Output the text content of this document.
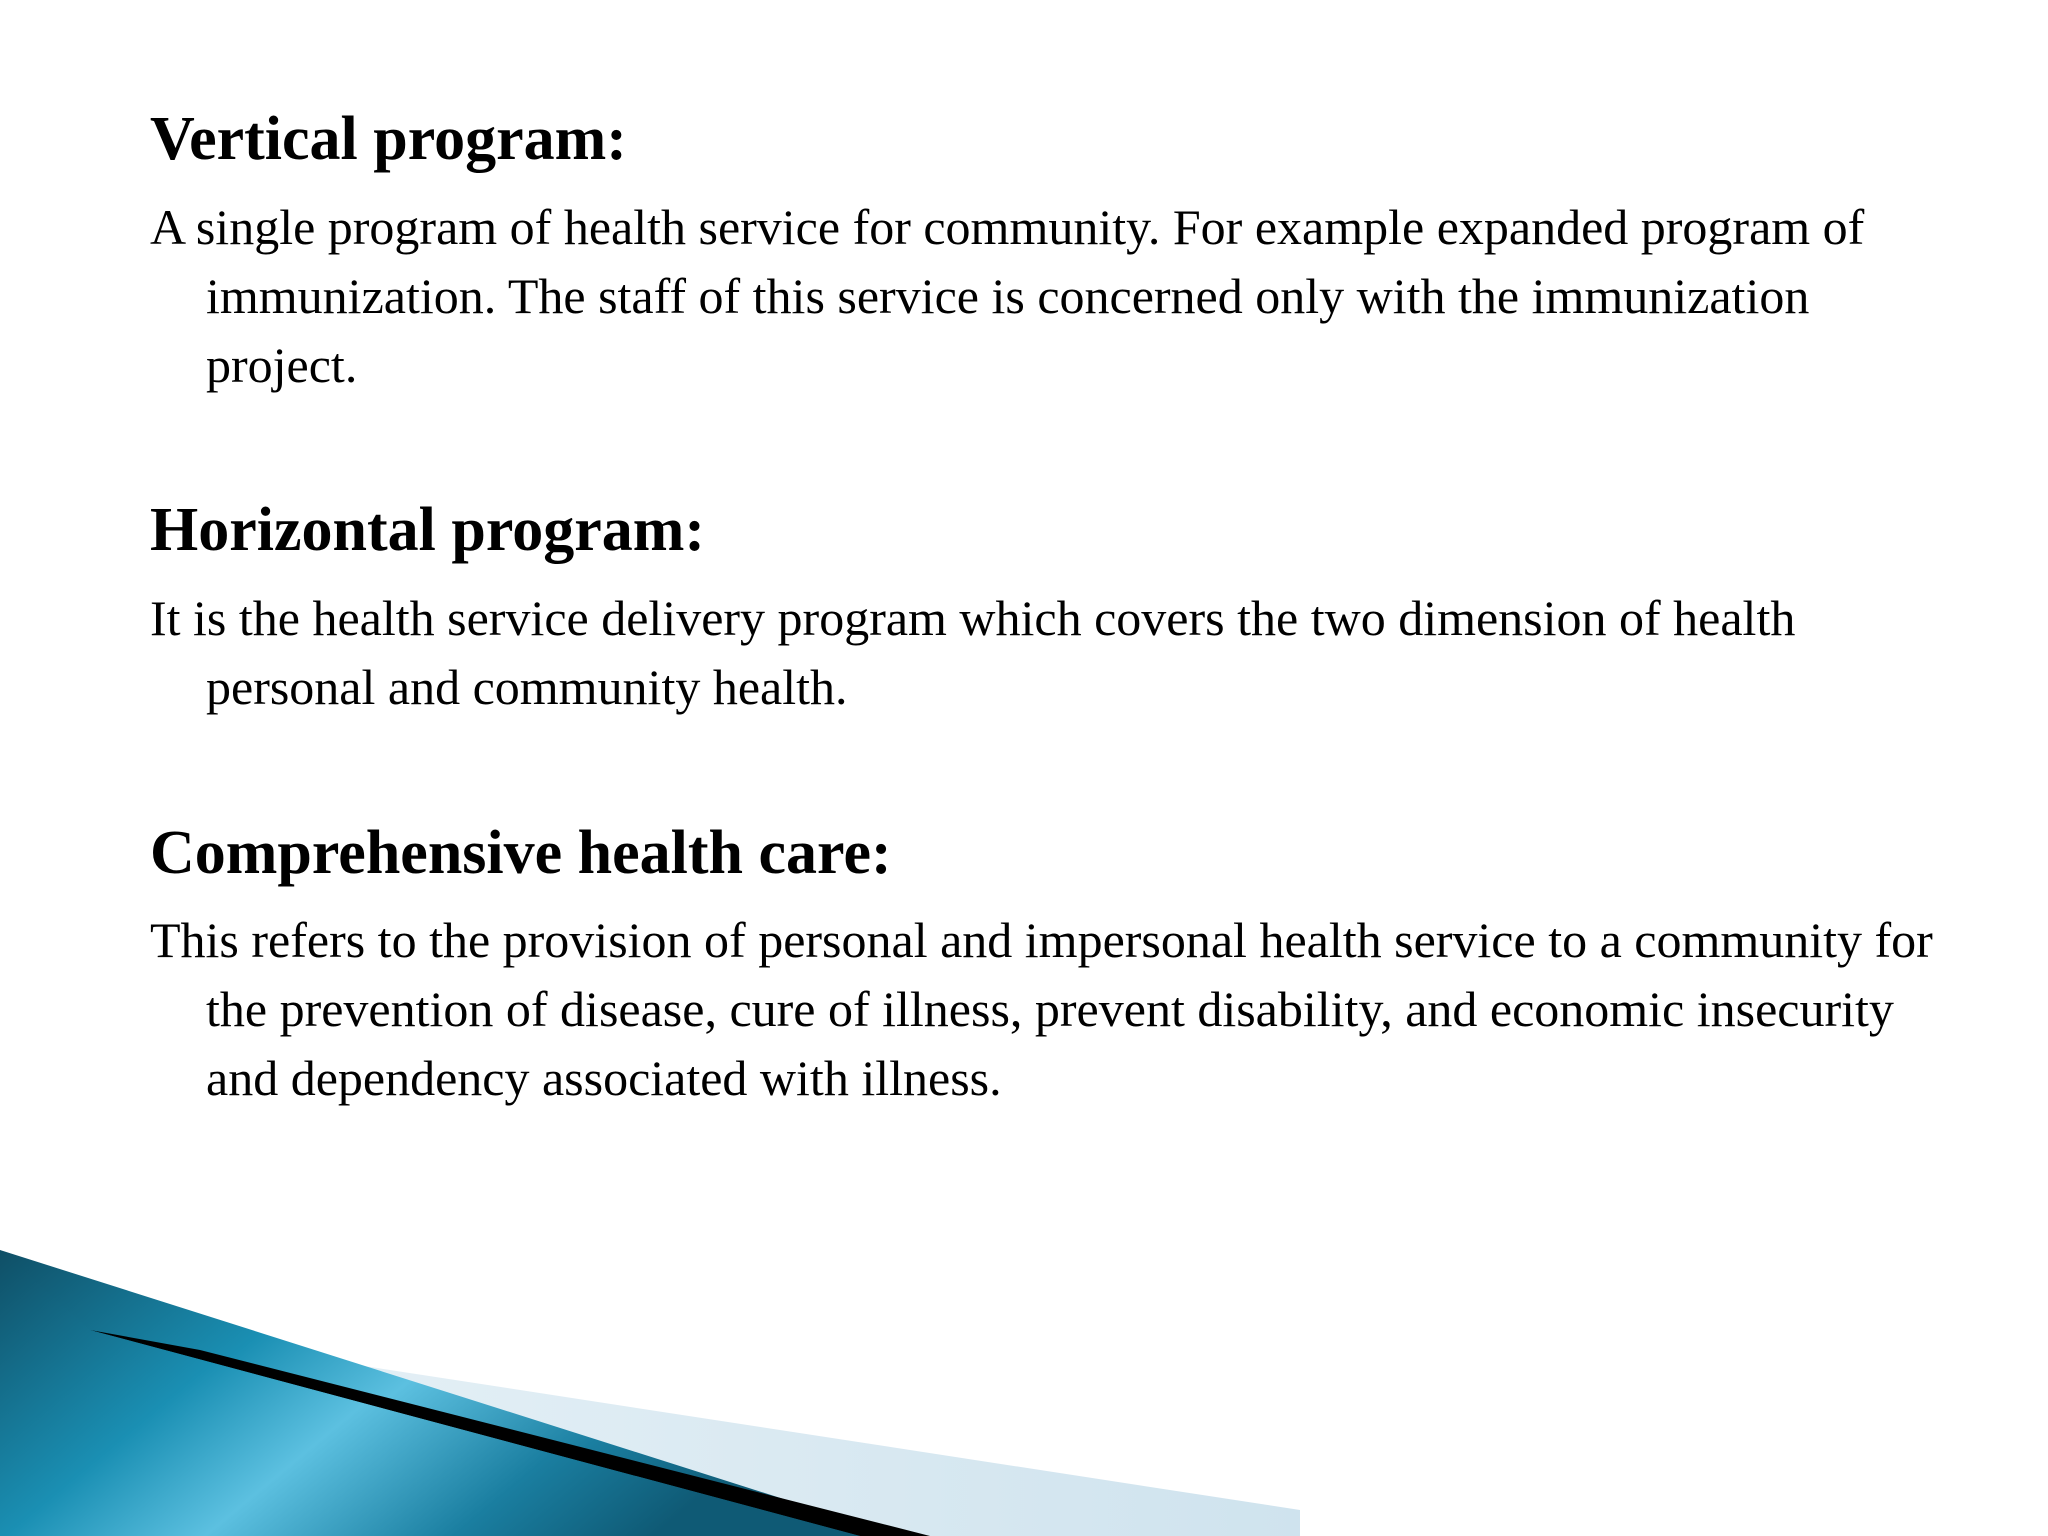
Vertical program:
A single program of health service for community. For example expanded program of immunization. The staff of this service is concerned only with the immunization project.
Horizontal program:
It is the health service delivery program which covers the two dimension of health personal and community health.
Comprehensive health care:
This refers to the provision of personal and impersonal health service to a community for the prevention of disease, cure of illness, prevent disability, and economic insecurity and dependency associated with illness.
